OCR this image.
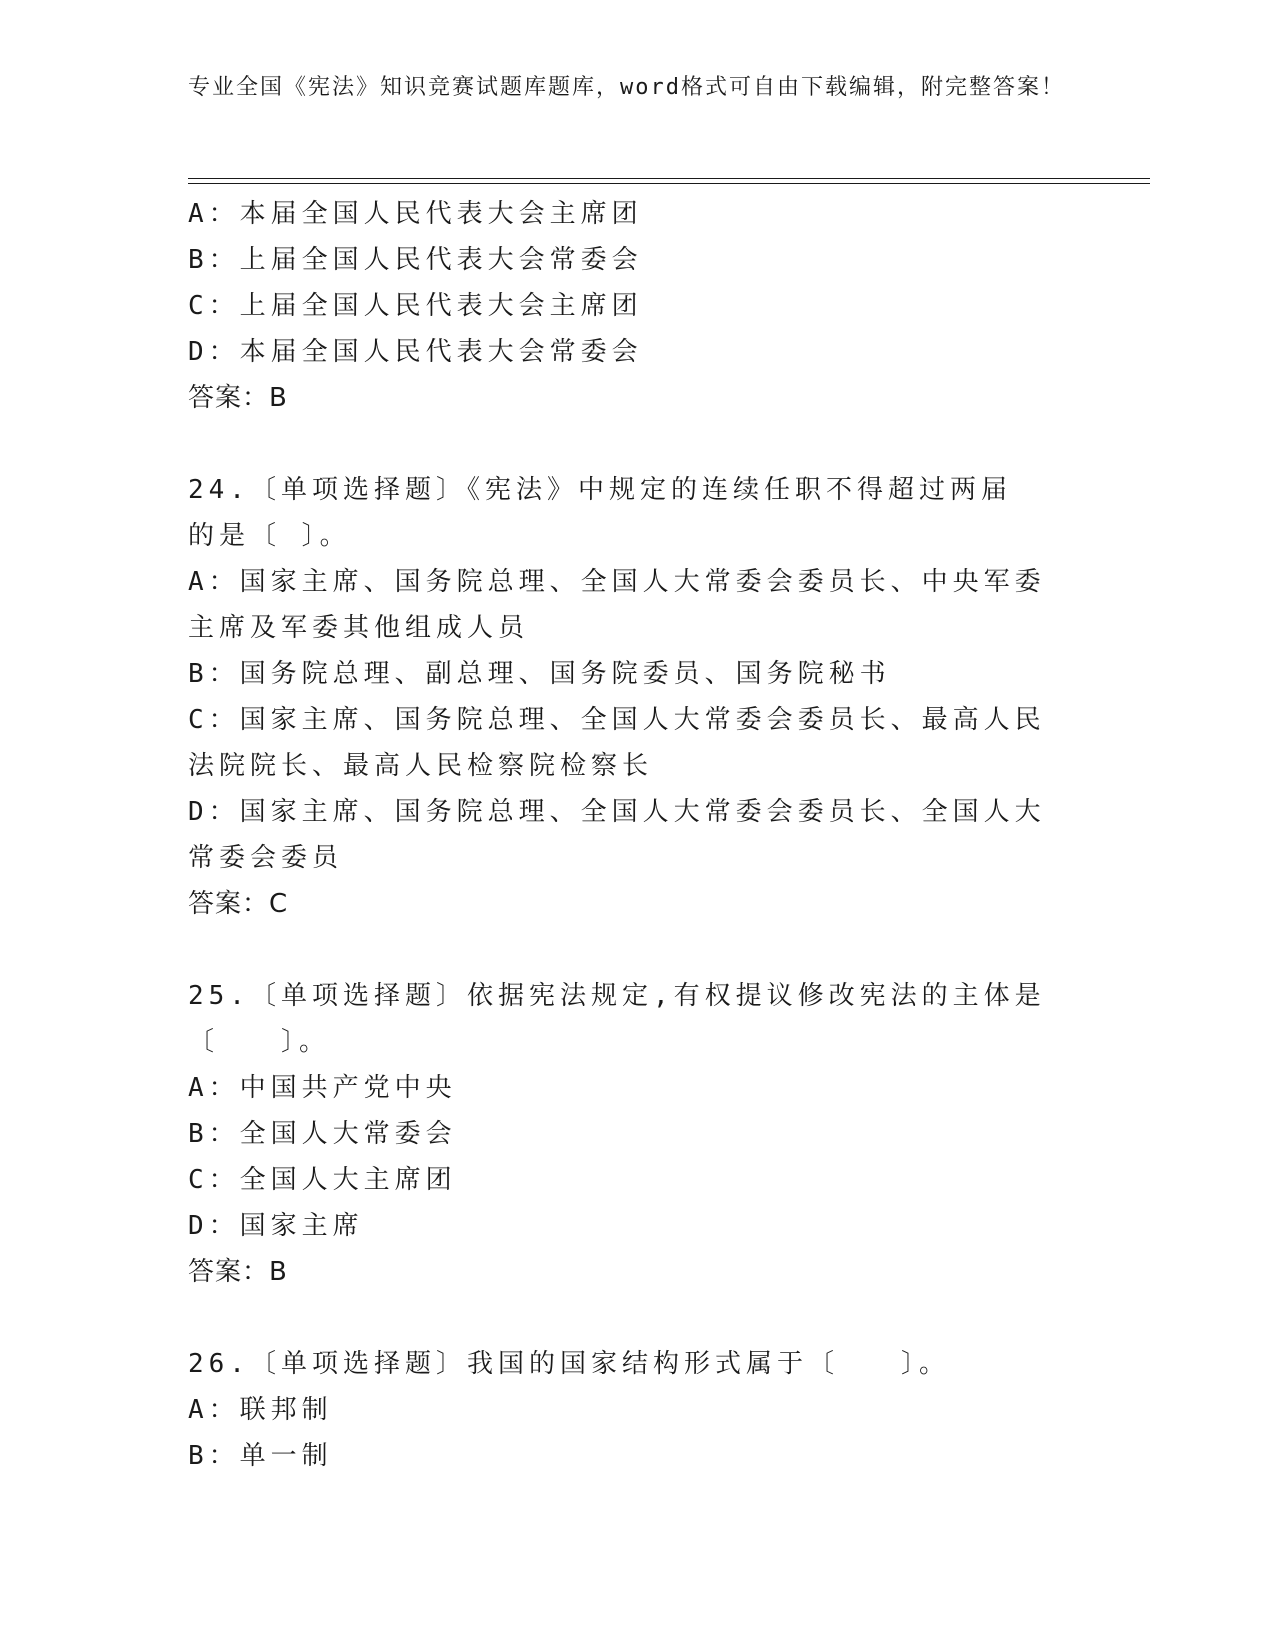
专业全国《宪法》知识竞赛试题库题库，word格式可自由下载编辑，附完整答案！
A：本届全国人民代表大会主席团
B：上届全国人民代表大会常委会
C：上届全国人民代表大会主席团
D：本届全国人民代表大会常委会
答案：B
24.〔单项选择题〕《宪法》中规定的连续任职不得超过两届的是〔 〕。
A：国家主席、国务院总理、全国人大常委会委员长、中央军委主席及军委其他组成人员
B：国务院总理、副总理、国务院委员、国务院秘书
C：国家主席、国务院总理、全国人大常委会委员长、最高人民法院院长、最高人民检察院检察长
D：国家主席、国务院总理、全国人大常委会委员长、全国人大常委会委员
答案：C
25.〔单项选择题〕依据宪法规定,有权提议修改宪法的主体是〔　　〕。
A：中国共产党中央
B：全国人大常委会
C：全国人大主席团
D：国家主席
答案：B
26.〔单项选择题〕我国的国家结构形式属于〔　　〕。
A：联邦制
B：单一制
